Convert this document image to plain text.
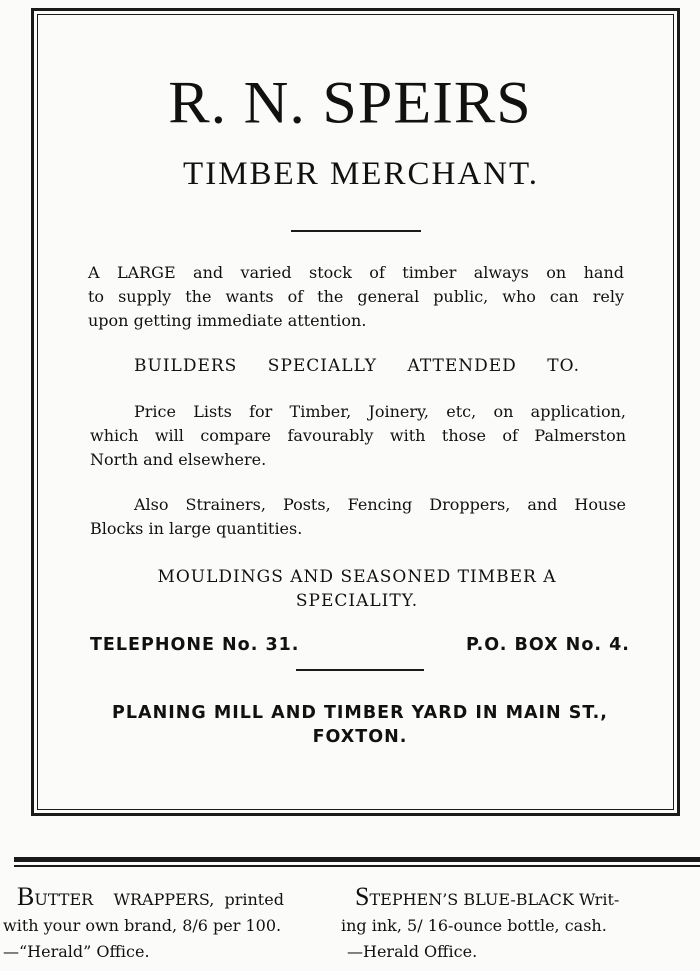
R. N. SPEIRS
TIMBER MERCHANT.
A LARGE and varied stock of timber always on hand
to supply the wants of the general public, who can rely
upon getting immediate attention.
BUILDERS SPECIALLY ATTENDED TO.
Price Lists for Timber, Joinery, etc, on application,
which will compare favourably with those of Palmerston
North and elsewhere.
Also Strainers, Posts, Fencing Droppers, and House
Blocks in large quantities.
MOULDINGS AND SEASONED TIMBER A
SPECIALITY.
TELEPHONE No. 31.	P.O. BOX No. 4.
PLANING MILL AND TIMBER YARD IN MAIN ST.,
FOXTON.
BUTTER    WRAPPERS,  printed
with your own brand, 8/6 per 100.
—“Herald” Office.
STEPHEN’S BLUE-BLACK Writ-
ing ink, 5/ 16-ounce bottle, cash.
—Herald Office.
